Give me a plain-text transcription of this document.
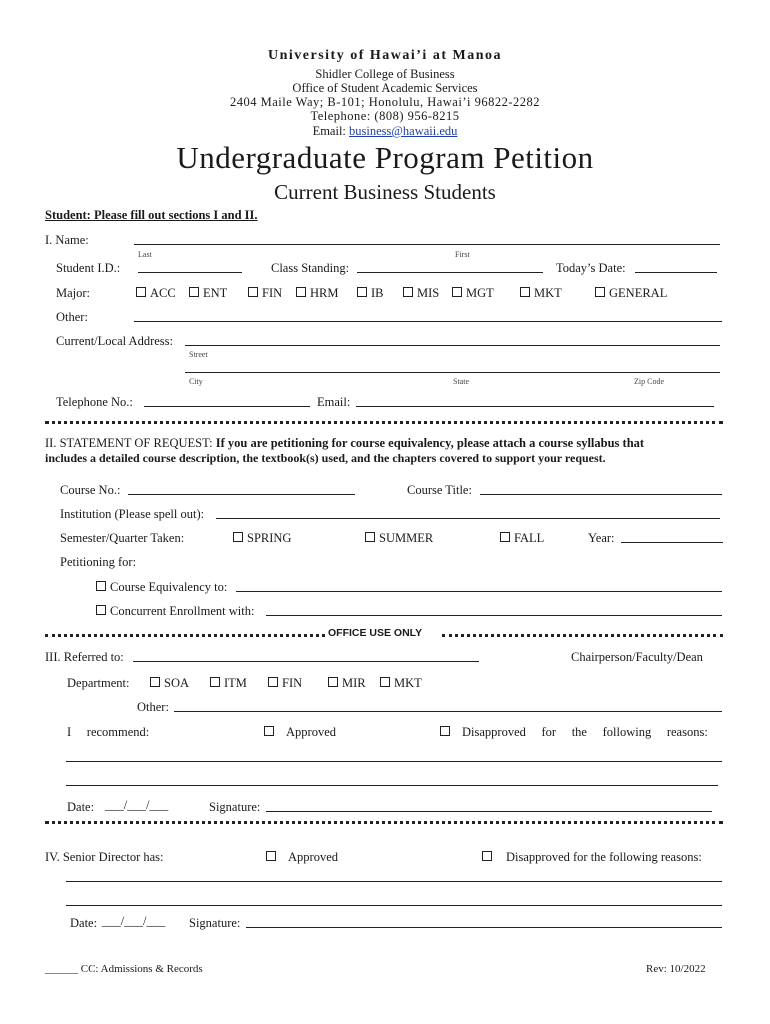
University of Hawai’i at Manoa
Shidler College of Business
Office of Student Academic Services
2404 Maile Way; B-101; Honolulu, Hawai’i 96822-2282
Telephone: (808) 956-8215
Email: business@hawaii.edu
Undergraduate Program Petition
Current Business Students
Student: Please fill out sections I and II.
I. Name:
Last	First
Student I.D.:	Class Standing:	Today’s Date:
Major:	ACC	ENT	FIN	HRM	IB	MIS	MGT	MKT	GENERAL
Other:
Current/Local Address:
Street
City	State	Zip Code
Telephone No.:	Email:
II. STATEMENT OF REQUEST: If you are petitioning for course equivalency, please attach a course syllabus that
includes a detailed course description, the textbook(s) used, and the chapters covered to support your request.
Course No.:	Course Title:
Institution (Please spell out):
Semester/Quarter Taken:	SPRING	SUMMER	FALL	Year:
Petitioning for:
Course Equivalency to:
Concurrent Enrollment with:
OFFICE USE ONLY
III. Referred to:	Chairperson/Faculty/Dean
Department:	SOA	ITM	FIN	MIR	MKT
Other:
I     recommend:	Approved	Disapproved     for     the     following     reasons:
Date: ___/___/___	Signature:
IV. Senior Director has:	Approved	Disapproved for the following reasons:
Date: ___/___/___ Signature:
______ CC: Admissions & Records	Rev: 10/2022
